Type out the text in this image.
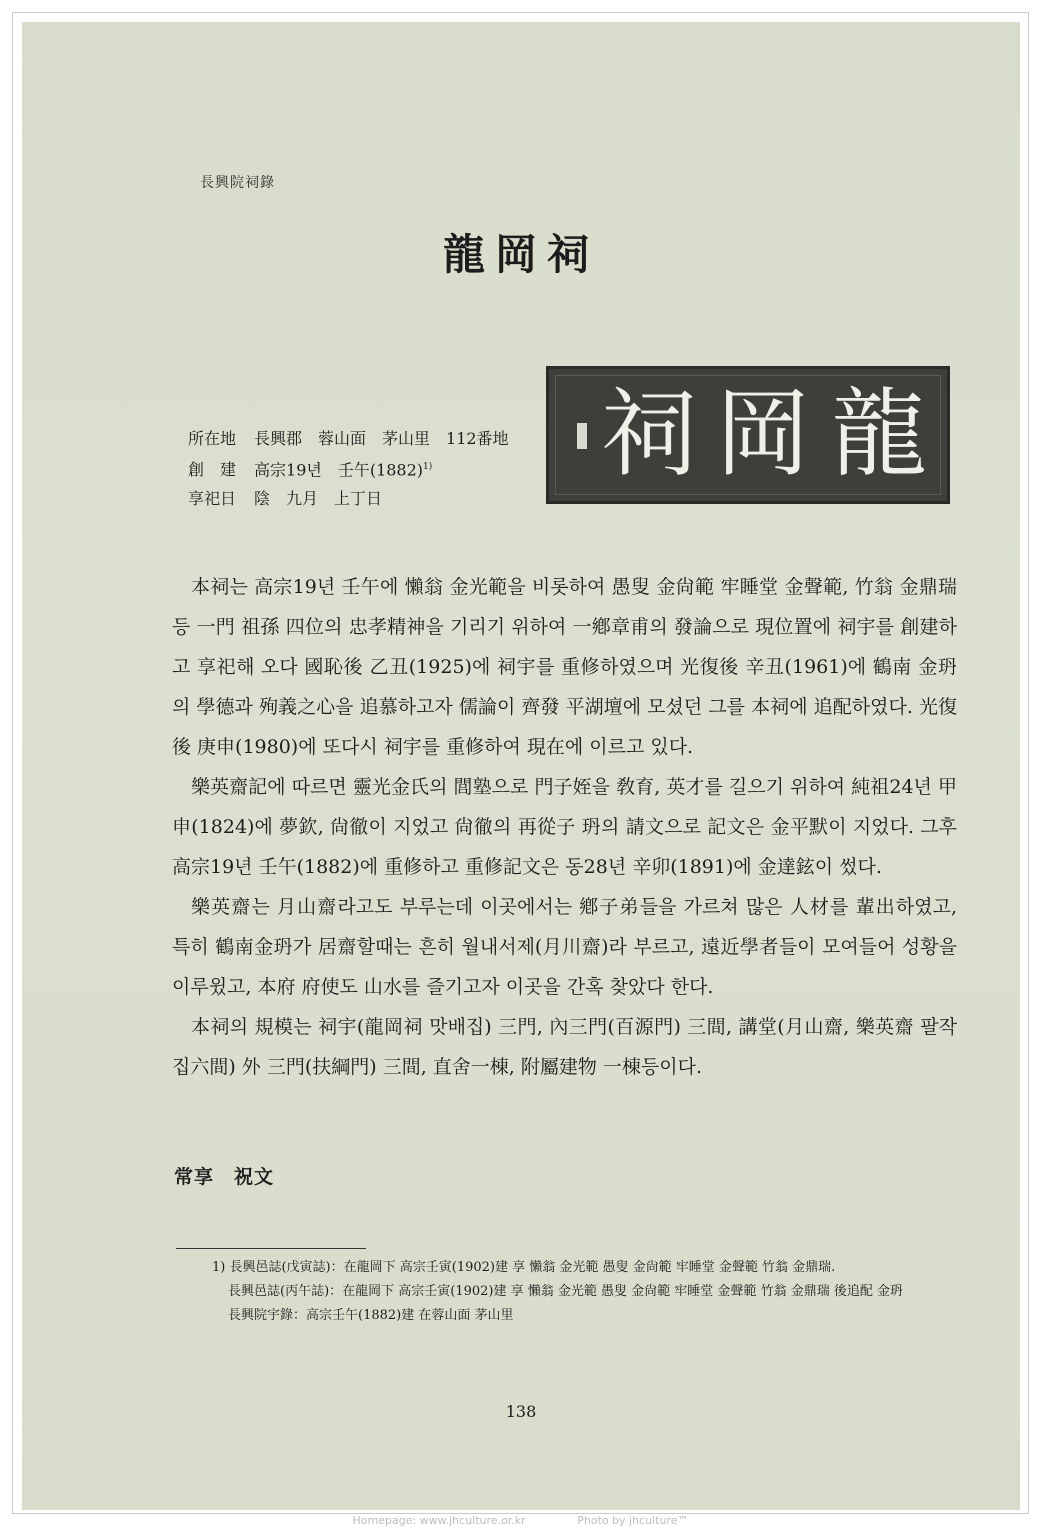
長興院祠錄
龍岡祠
所在地 長興郡　蓉山面　茅山里　112番地
創　建 高宗19년　壬午$(1882)^{1)}$
享祀日 陰　九月　上丁日
祠 岡 龍

本祠는 高宗19년 壬午에 懶翁 金光範을 비롯하여 愚叟 金尙範 牢睡堂 金聲範, 竹翁 金鼎瑞등 一門 祖孫 四位의 忠孝精神을 기리기 위하여 一鄕章甫의 發論으로 現位置에 祠宇를 創建하고 享祀해 오다 國恥後 乙丑(1925)에 祠宇를 重修하였으며 光復後 辛丑(1961)에 鶴南 金玬의 學德과 殉義之心을 追慕하고자 儒論이 齊發 平湖壇에 모셨던 그를 本祠에 追配하였다. 光復後 庚申(1980)에 또다시 祠宇를 重修하여 現在에 이르고 있다.

樂英齋記에 따르면 靈光金氏의 閭塾으로 門子姪을 敎育, 英才를 길으기 위하여 純祖24년 甲申(1824)에 夢欽, 尙徹이 지었고 尙徹의 再從子 玬의 請文으로 記文은 金平默이 지었다. 그후 高宗19년 壬午(1882)에 重修하고 重修記文은 동28년 辛卯(1891)에 金達鉉이 썼다.

樂英齋는 月山齋라고도 부루는데 이곳에서는 鄕子弟들을 가르쳐 많은 人材를 輩出하였고, 특히 鶴南金玬가 居齋할때는 흔히 월내서제(月川齋)라 부르고, 遠近學者들이 모여들어 성황을 이루윘고, 本府 府使도 山水를 즐기고자 이곳을 간혹 찾았다 한다.

本祠의 規模는 祠宇(龍岡祠 맛배집) 三門, 內三門(百源門) 三間, 講堂(月山齋, 樂英齋 팔작집六間) 外 三門(扶綱門) 三間, 直舍一棟, 附屬建物 一棟등이다.

常享　祝文
1) 長興邑誌(戊寅誌)：在龍岡下 高宗壬寅(1902)建 享 懶翁 金光範 愚叟 金尙範 牢睡堂 金聲範 竹翁 金鼎瑞.
長興邑誌(丙午誌)：在龍岡下 高宗壬寅(1902)建 享 懶翁 金光範 愚叟 金尙範 牢睡堂 金聲範 竹翁 金鼎瑞 後追配 金玬
長興院宇錄：高宗壬午(1882)建 在蓉山面 茅山里
138
Homepage: www.jhculture.or.kr	Photo by jhculture™
